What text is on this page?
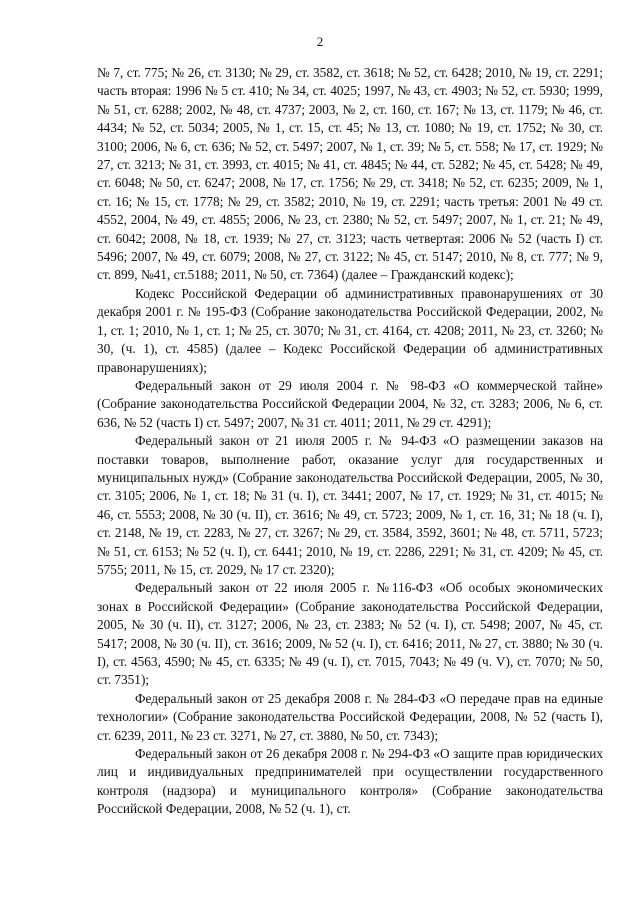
2

№ 7, ст. 775; № 26, ст. 3130; № 29, ст. 3582, ст. 3618; № 52, ст. 6428; 2010, № 19, ст. 2291; часть вторая: 1996 № 5 ст. 410; № 34, ст. 4025; 1997, № 43, ст. 4903; № 52, ст. 5930; 1999, № 51, ст. 6288; 2002, № 48, ст. 4737; 2003, № 2, ст. 160, ст. 167; № 13, ст. 1179; № 46, ст. 4434; № 52, ст. 5034; 2005, № 1, ст. 15, ст. 45; № 13, ст. 1080; № 19, ст. 1752; № 30, ст. 3100; 2006, № 6, ст. 636; № 52, ст. 5497; 2007, № 1, ст. 39; № 5, ст. 558; № 17, ст. 1929; № 27, ст. 3213; № 31, ст. 3993, ст. 4015; № 41, ст. 4845; № 44, ст. 5282; № 45, ст. 5428; № 49, ст. 6048; № 50, ст. 6247; 2008, № 17, ст. 1756; № 29, ст. 3418; № 52, ст. 6235; 2009, № 1, ст. 16; № 15, ст. 1778; № 29, ст. 3582; 2010, № 19, ст. 2291; часть третья: 2001 № 49 ст. 4552, 2004, № 49, ст. 4855; 2006, № 23, ст. 2380; № 52, ст. 5497; 2007, № 1, ст. 21; № 49, ст. 6042; 2008, № 18, ст. 1939; № 27, ст. 3123; часть четвертая: 2006 № 52 (часть I) ст. 5496; 2007, № 49, ст. 6079; 2008, № 27, ст. 3122; № 45, ст. 5147; 2010, № 8, ст. 777; № 9, ст. 899, №41, ст.5188; 2011, № 50, ст. 7364) (далее – Гражданский кодекс);

Кодекс Российской Федерации об административных правонарушениях от 30 декабря 2001 г. № 195-ФЗ (Собрание законодательства Российской Федерации, 2002, № 1, ст. 1; 2010, № 1, ст. 1; № 25, ст. 3070; № 31, ст. 4164, ст. 4208; 2011, № 23, ст. 3260; № 30, (ч. 1), ст. 4585) (далее – Кодекс Российской Федерации об административных правонарушениях);

Федеральный закон от 29 июля 2004 г. № 98-ФЗ «О коммерческой тайне» (Собрание законодательства Российской Федерации 2004, № 32, ст. 3283; 2006, № 6, ст. 636, № 52 (часть I) ст. 5497; 2007, № 31 ст. 4011; 2011, № 29 ст. 4291);

Федеральный закон от 21 июля 2005 г. № 94-ФЗ «О размещении заказов на поставки товаров, выполнение работ, оказание услуг для государственных и муниципальных нужд» (Собрание законодательства Российской Федерации, 2005, № 30, ст. 3105; 2006, № 1, ст. 18; № 31 (ч. I), ст. 3441; 2007, № 17, ст. 1929; № 31, ст. 4015; № 46, ст. 5553; 2008, № 30 (ч. II), ст. 3616; № 49, ст. 5723; 2009, № 1, ст. 16, 31; № 18 (ч. I), ст. 2148, № 19, ст. 2283, № 27, ст. 3267; № 29, ст. 3584, 3592, 3601; № 48, ст. 5711, 5723; № 51, ст. 6153; № 52 (ч. I), ст. 6441; 2010, № 19, ст. 2286, 2291; № 31, ст. 4209; № 45, ст. 5755; 2011, № 15, ст. 2029, № 17 ст. 2320);

Федеральный закон от 22 июля 2005 г. №116-ФЗ «Об особых экономических зонах в Российской Федерации» (Собрание законодательства Российской Федерации, 2005, № 30 (ч. II), ст. 3127; 2006, № 23, ст. 2383; № 52 (ч. I), ст. 5498; 2007, № 45, ст. 5417; 2008, № 30 (ч. II), ст. 3616; 2009, № 52 (ч. I), ст. 6416; 2011, № 27, ст. 3880; № 30 (ч. I), ст. 4563, 4590; № 45, ст. 6335; № 49 (ч. I), ст. 7015, 7043; № 49 (ч. V), ст. 7070; № 50, ст. 7351);

Федеральный закон от 25 декабря 2008 г. № 284-ФЗ «О передаче прав на единые технологии» (Собрание законодательства Российской Федерации, 2008, № 52 (часть I), ст. 6239, 2011, № 23 ст. 3271, № 27, ст. 3880, № 50, ст. 7343);

Федеральный закон от 26 декабря 2008 г. № 294-ФЗ «О защите прав юридических лиц и индивидуальных предпринимателей при осуществлении государственного контроля (надзора) и муниципального контроля» (Собрание законодательства Российской Федерации, 2008, № 52 (ч. 1), ст.
